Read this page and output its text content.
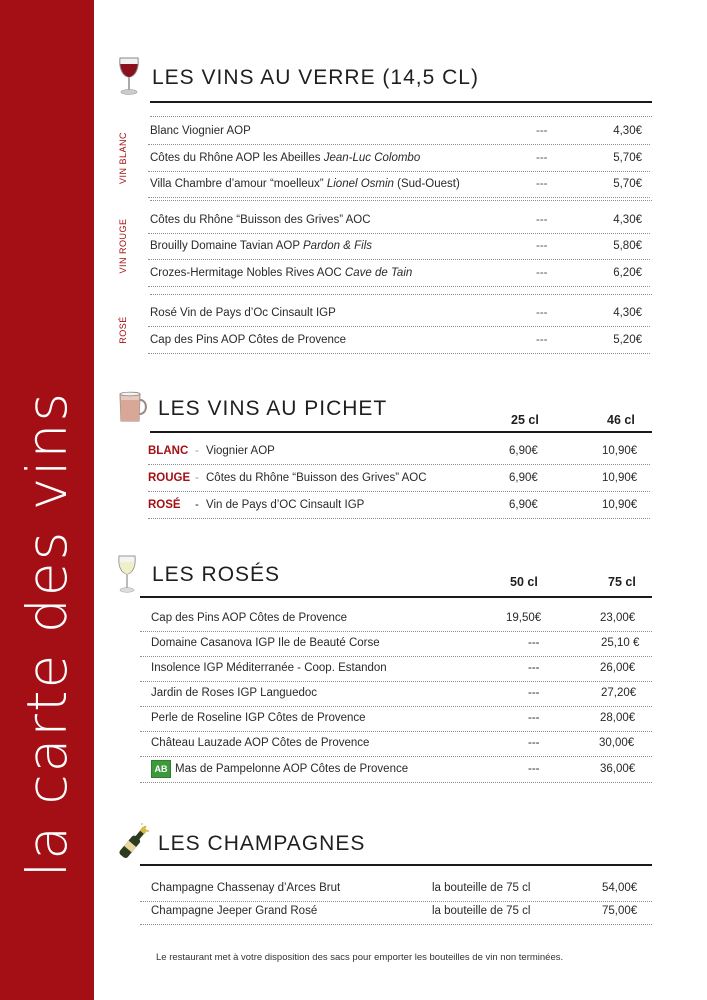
la carte des vins
LES VINS AU VERRE (14,5 CL)
VIN BLANC
VIN ROUGE
ROSÉ
Blanc Viognier AOP	---	4,30€
Côtes du Rhône AOP les Abeilles Jean-Luc Colombo	---	5,70€
Villa Chambre d’amour “moelleux” Lionel Osmin (Sud-Ouest)	---	5,70€
Côtes du Rhône “Buisson des Grives” AOC	---	4,30€
Brouilly Domaine Tavian AOP Pardon & Fils	---	5,80€
Crozes-Hermitage Nobles Rives AOC Cave de Tain	---	6,20€
Rosé Vin de Pays d’Oc Cinsault IGP	---	4,30€
Cap des Pins AOP Côtes de Provence	---	5,20€
LES VINS AU PICHET	25 cl	46 cl
BLANC - Viognier AOP	6,90€	10,90€
ROUGE - Côtes du Rhône “Buisson des Grives” AOC	6,90€	10,90€
ROSÉ - Vin de Pays d’OC Cinsault IGP	6,90€	10,90€
LES ROSÉS	50 cl	75 cl
Cap des Pins AOP Côtes de Provence	19,50€	23,00€
Domaine Casanova IGP Ile de Beauté Corse	---	25,10 €
Insolence IGP Méditerranée - Coop. Estandon	---	26,00€
Jardin de Roses IGP Languedoc	---	27,20€
Perle de Roseline IGP Côtes de Provence	---	28,00€
Château Lauzade AOP Côtes de Provence	---	30,00€
AB Mas de Pampelonne AOP Côtes de Provence	---	36,00€
LES CHAMPAGNES
Champagne Chassenay d’Arces Brut	la bouteille de 75 cl	54,00€
Champagne Jeeper Grand Rosé	la bouteille de 75 cl	75,00€
Le restaurant met à votre disposition des sacs pour emporter les bouteilles de vin non terminées.
